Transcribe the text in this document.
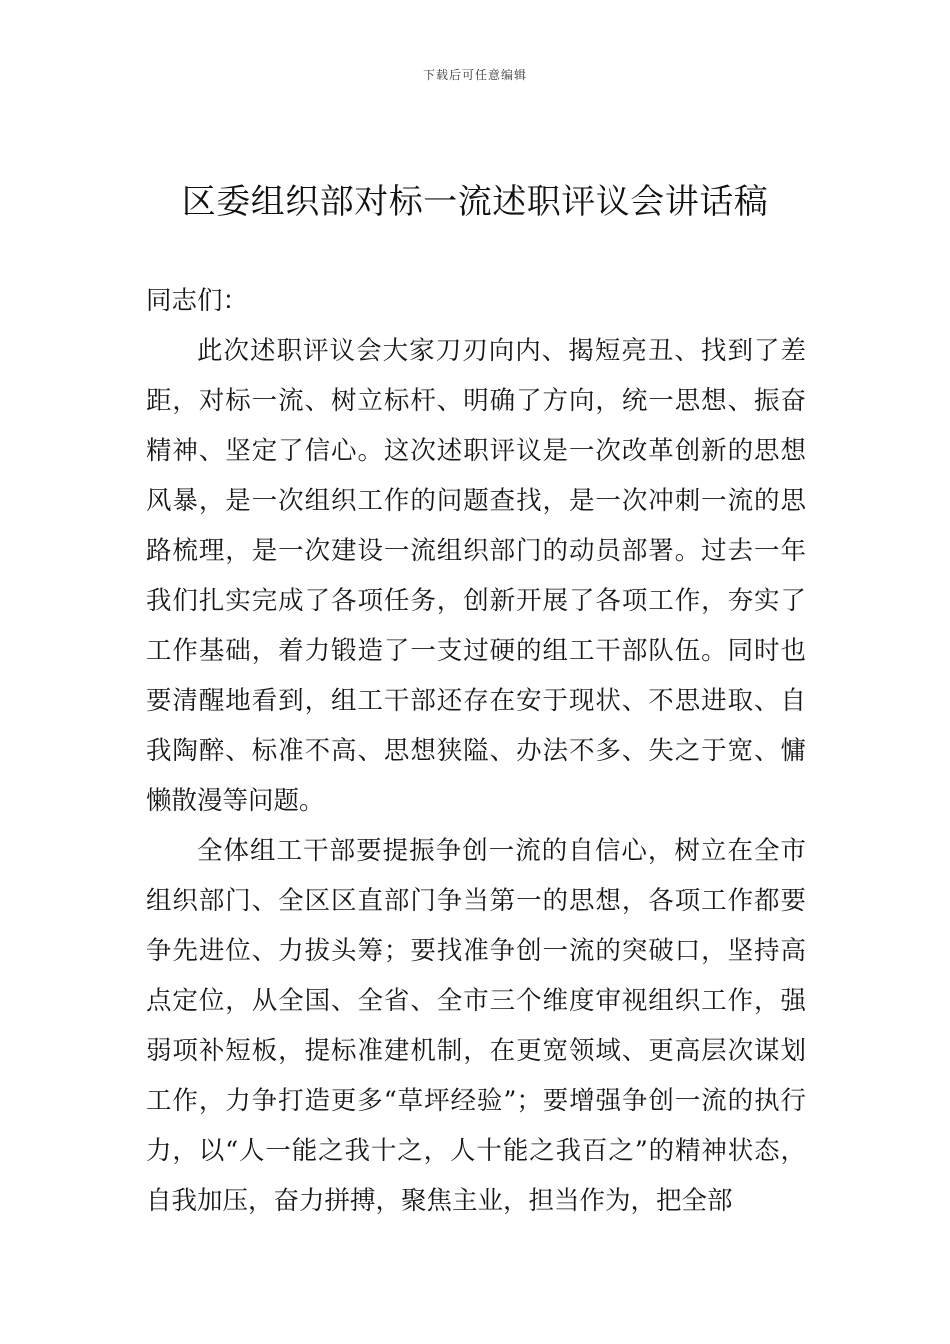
下载后可任意编辑
区委组织部对标一流述职评议会讲话稿

同志们：

此次述职评议会大家刀刃向内、揭短亮丑、找到了差距，对标一流、树立标杆、明确了方向，统一思想、振奋精神、坚定了信心。这次述职评议是一次改革创新的思想风暴，是一次组织工作的问题查找，是一次冲刺一流的思路梳理，是一次建设一流组织部门的动员部署。过去一年我们扎实完成了各项任务，创新开展了各项工作，夯实了工作基础，着力锻造了一支过硬的组工干部队伍。同时也要清醒地看到，组工干部还存在安于现状、不思进取、自我陶醉、标准不高、思想狭隘、办法不多、失之于宽、慵懒散漫等问题。

全体组工干部要提振争创一流的自信心，树立在全市组织部门、全区区直部门争当第一的思想，各项工作都要争先进位、力拔头筹；要找准争创一流的突破口，坚持高点定位，从全国、全省、全市三个维度审视组织工作，强弱项补短板，提标准建机制，在更宽领域、更高层次谋划工作，力争打造更多“草坪经验”；要增强争创一流的执行力，以“人一能之我十之，人十能之我百之”的精神状态，自我加压，奋力拼搏，聚焦主业，担当作为，把全部
